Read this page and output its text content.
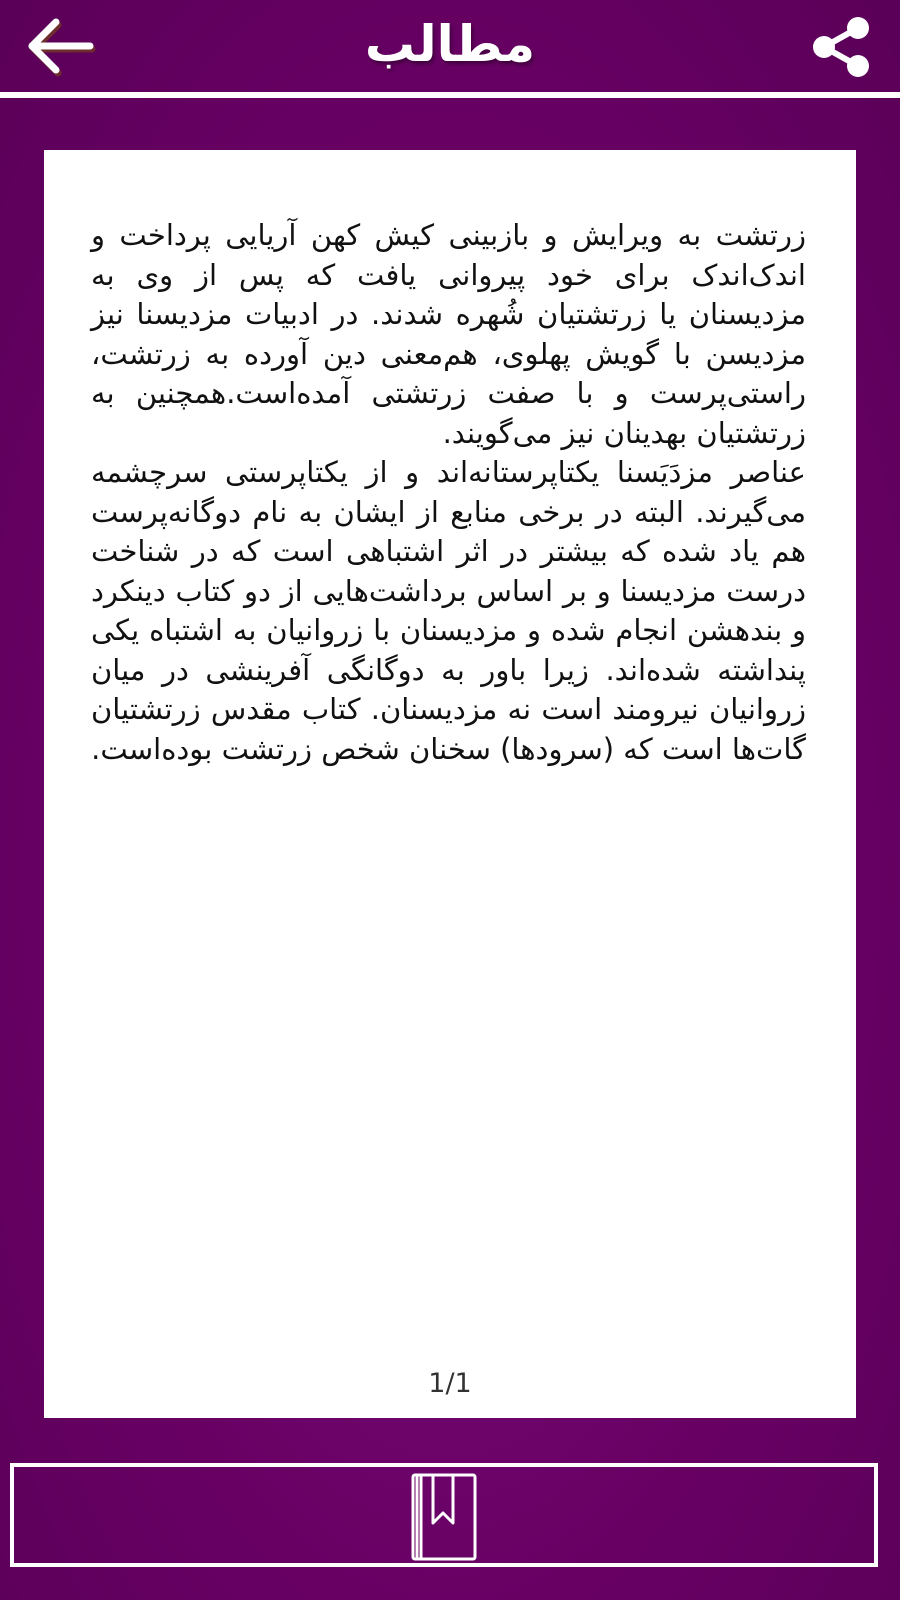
مطالب

زرتشت به ویرایش و بازبینی کیش کهن آریایی پرداخت و اندک‌اندک برای خود پیروانی یافت که پس از وی به مزدیسنان یا زرتشتیان شُهره شدند. در ادبیات مزدیسنا نیز مزدیسن با گویش پهلوی، هم‌معنی دین آورده به زرتشت، راستی‌پرست و با صفت زرتشتی آمده‌است.همچنین به زرتشتیان بهدینان نیز می‌گویند.

عناصر مزدَیَسنا یکتاپرستانه‌اند و از یکتاپرستی سرچشمه می‌گیرند. البته در برخی منابع از ایشان به نام دوگانه‌پرست هم یاد شده که بیشتر در اثر اشتباهی است که در شناخت درست مزدیسنا و بر اساس برداشت‌هایی از دو کتاب دینکرد و بندهشن انجام شده و مزدیسنان با زروانیان به اشتباه یکی پنداشته شده‌اند. زیرا باور به دوگانگی آفرینشی در میان زروانیان نیرومند است نه مزدیسنان. کتاب مقدس زرتشتیان گات‌ها است که (سرودها) سخنان شخص زرتشت بوده‌است.

1/1
